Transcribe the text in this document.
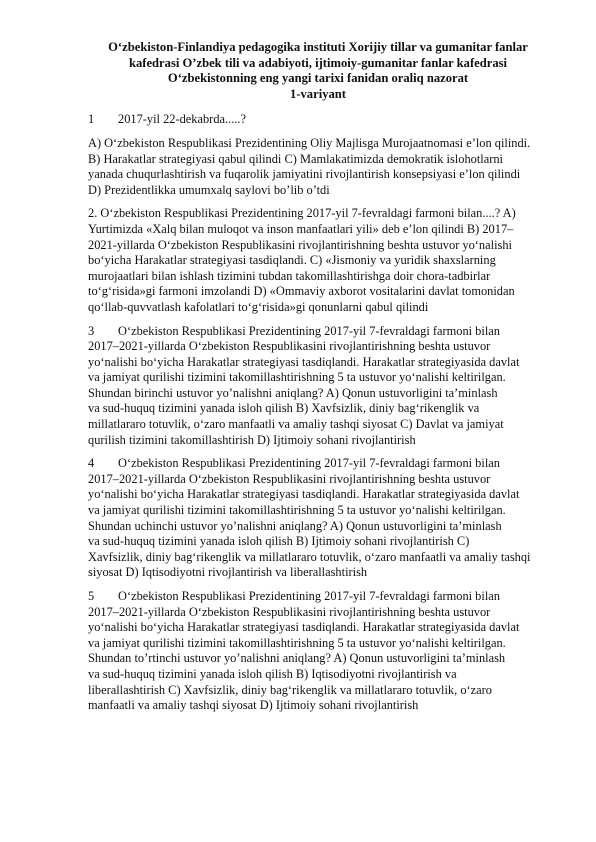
O‘zbekiston-Finlandiya pedagogika instituti Xorijiy tillar va gumanitar fanlar
kafedrasi O’zbek tili va adabiyoti, ijtimoiy-gumanitar fanlar kafedrasi
O‘zbekistonning eng yangi tarixi fanidan oraliq nazorat
1-variyant
1 2017-yil 22-dekabrda.....?
A) O‘zbekiston Respublikasi Prezidentining Oliy Majlisga Murojaatnomasi e’lon qilindi.
B) Harakatlar strategiyasi qabul qilindi C) Mamlakatimizda demokratik islohotlarni
yanada chuqurlashtirish va fuqarolik jamiyatini rivojlantirish konsepsiyasi e’lon qilindi
D) Prezidentlikka umumxalq saylovi bo’lib o’tdi
2. O‘zbekiston Respublikasi Prezidentining 2017-yil 7-fevraldagi farmoni bilan....? A)
Yurtimizda «Xalq bilan muloqot va inson manfaatlari yili» deb e’lon qilindi B) 2017–
2021-yillarda O‘zbekiston Respublikasini rivojlantirishning beshta ustuvor yo‘nalishi
bo‘yicha Harakatlar strategiyasi tasdiqlandi. C) «Jismoniy va yuridik shaxslarning
murojaatlari bilan ishlash tizimini tubdan takomillashtirishga doir chora-tadbirlar
to‘g‘risida»gi farmoni imzolandi D) «Ommaviy axborot vositalarini davlat tomonidan
qo‘llab-quvvatlash kafolatlari to‘g‘risida»gi qonunlarni qabul qilindi
3 O‘zbekiston Respublikasi Prezidentining 2017-yil 7-fevraldagi farmoni bilan
2017–2021-yillarda O‘zbekiston Respublikasini rivojlantirishning beshta ustuvor
yo‘nalishi bo‘yicha Harakatlar strategiyasi tasdiqlandi. Harakatlar strategiyasida davlat
va jamiyat qurilishi tizimini takomillashtirishning 5 ta ustuvor yo‘nalishi keltirilgan.
Shundan birinchi ustuvor yo’nalishni aniqlang? A) Qonun ustuvorligini ta’minlash
va sud-huquq tizimini yanada isloh qilish B) Xavfsizlik, diniy bag‘rikenglik va
millatlararo totuvlik, o‘zaro manfaatli va amaliy tashqi siyosat C) Davlat va jamiyat
qurilish tizimini takomillashtirish D) Ijtimoiy sohani rivojlantirish
4 O‘zbekiston Respublikasi Prezidentining 2017-yil 7-fevraldagi farmoni bilan
2017–2021-yillarda O‘zbekiston Respublikasini rivojlantirishning beshta ustuvor
yo‘nalishi bo‘yicha Harakatlar strategiyasi tasdiqlandi. Harakatlar strategiyasida davlat
va jamiyat qurilishi tizimini takomillashtirishning 5 ta ustuvor yo‘nalishi keltirilgan.
Shundan uchinchi ustuvor yo’nalishni aniqlang? A) Qonun ustuvorligini ta’minlash
va sud-huquq tizimini yanada isloh qilish B) Ijtimoiy sohani rivojlantirish C)
Xavfsizlik, diniy bag‘rikenglik va millatlararo totuvlik, o‘zaro manfaatli va amaliy tashqi
siyosat D) Iqtisodiyotni rivojlantirish va liberallashtirish
5 O‘zbekiston Respublikasi Prezidentining 2017-yil 7-fevraldagi farmoni bilan
2017–2021-yillarda O‘zbekiston Respublikasini rivojlantirishning beshta ustuvor
yo‘nalishi bo‘yicha Harakatlar strategiyasi tasdiqlandi. Harakatlar strategiyasida davlat
va jamiyat qurilishi tizimini takomillashtirishning 5 ta ustuvor yo‘nalishi keltirilgan.
Shundan to’rtinchi ustuvor yo’nalishni aniqlang? A) Qonun ustuvorligini ta’minlash
va sud-huquq tizimini yanada isloh qilish B) Iqtisodiyotni rivojlantirish va
liberallashtirish C) Xavfsizlik, diniy bag‘rikenglik va millatlararo totuvlik, o‘zaro
manfaatli va amaliy tashqi siyosat D) Ijtimoiy sohani rivojlantirish
